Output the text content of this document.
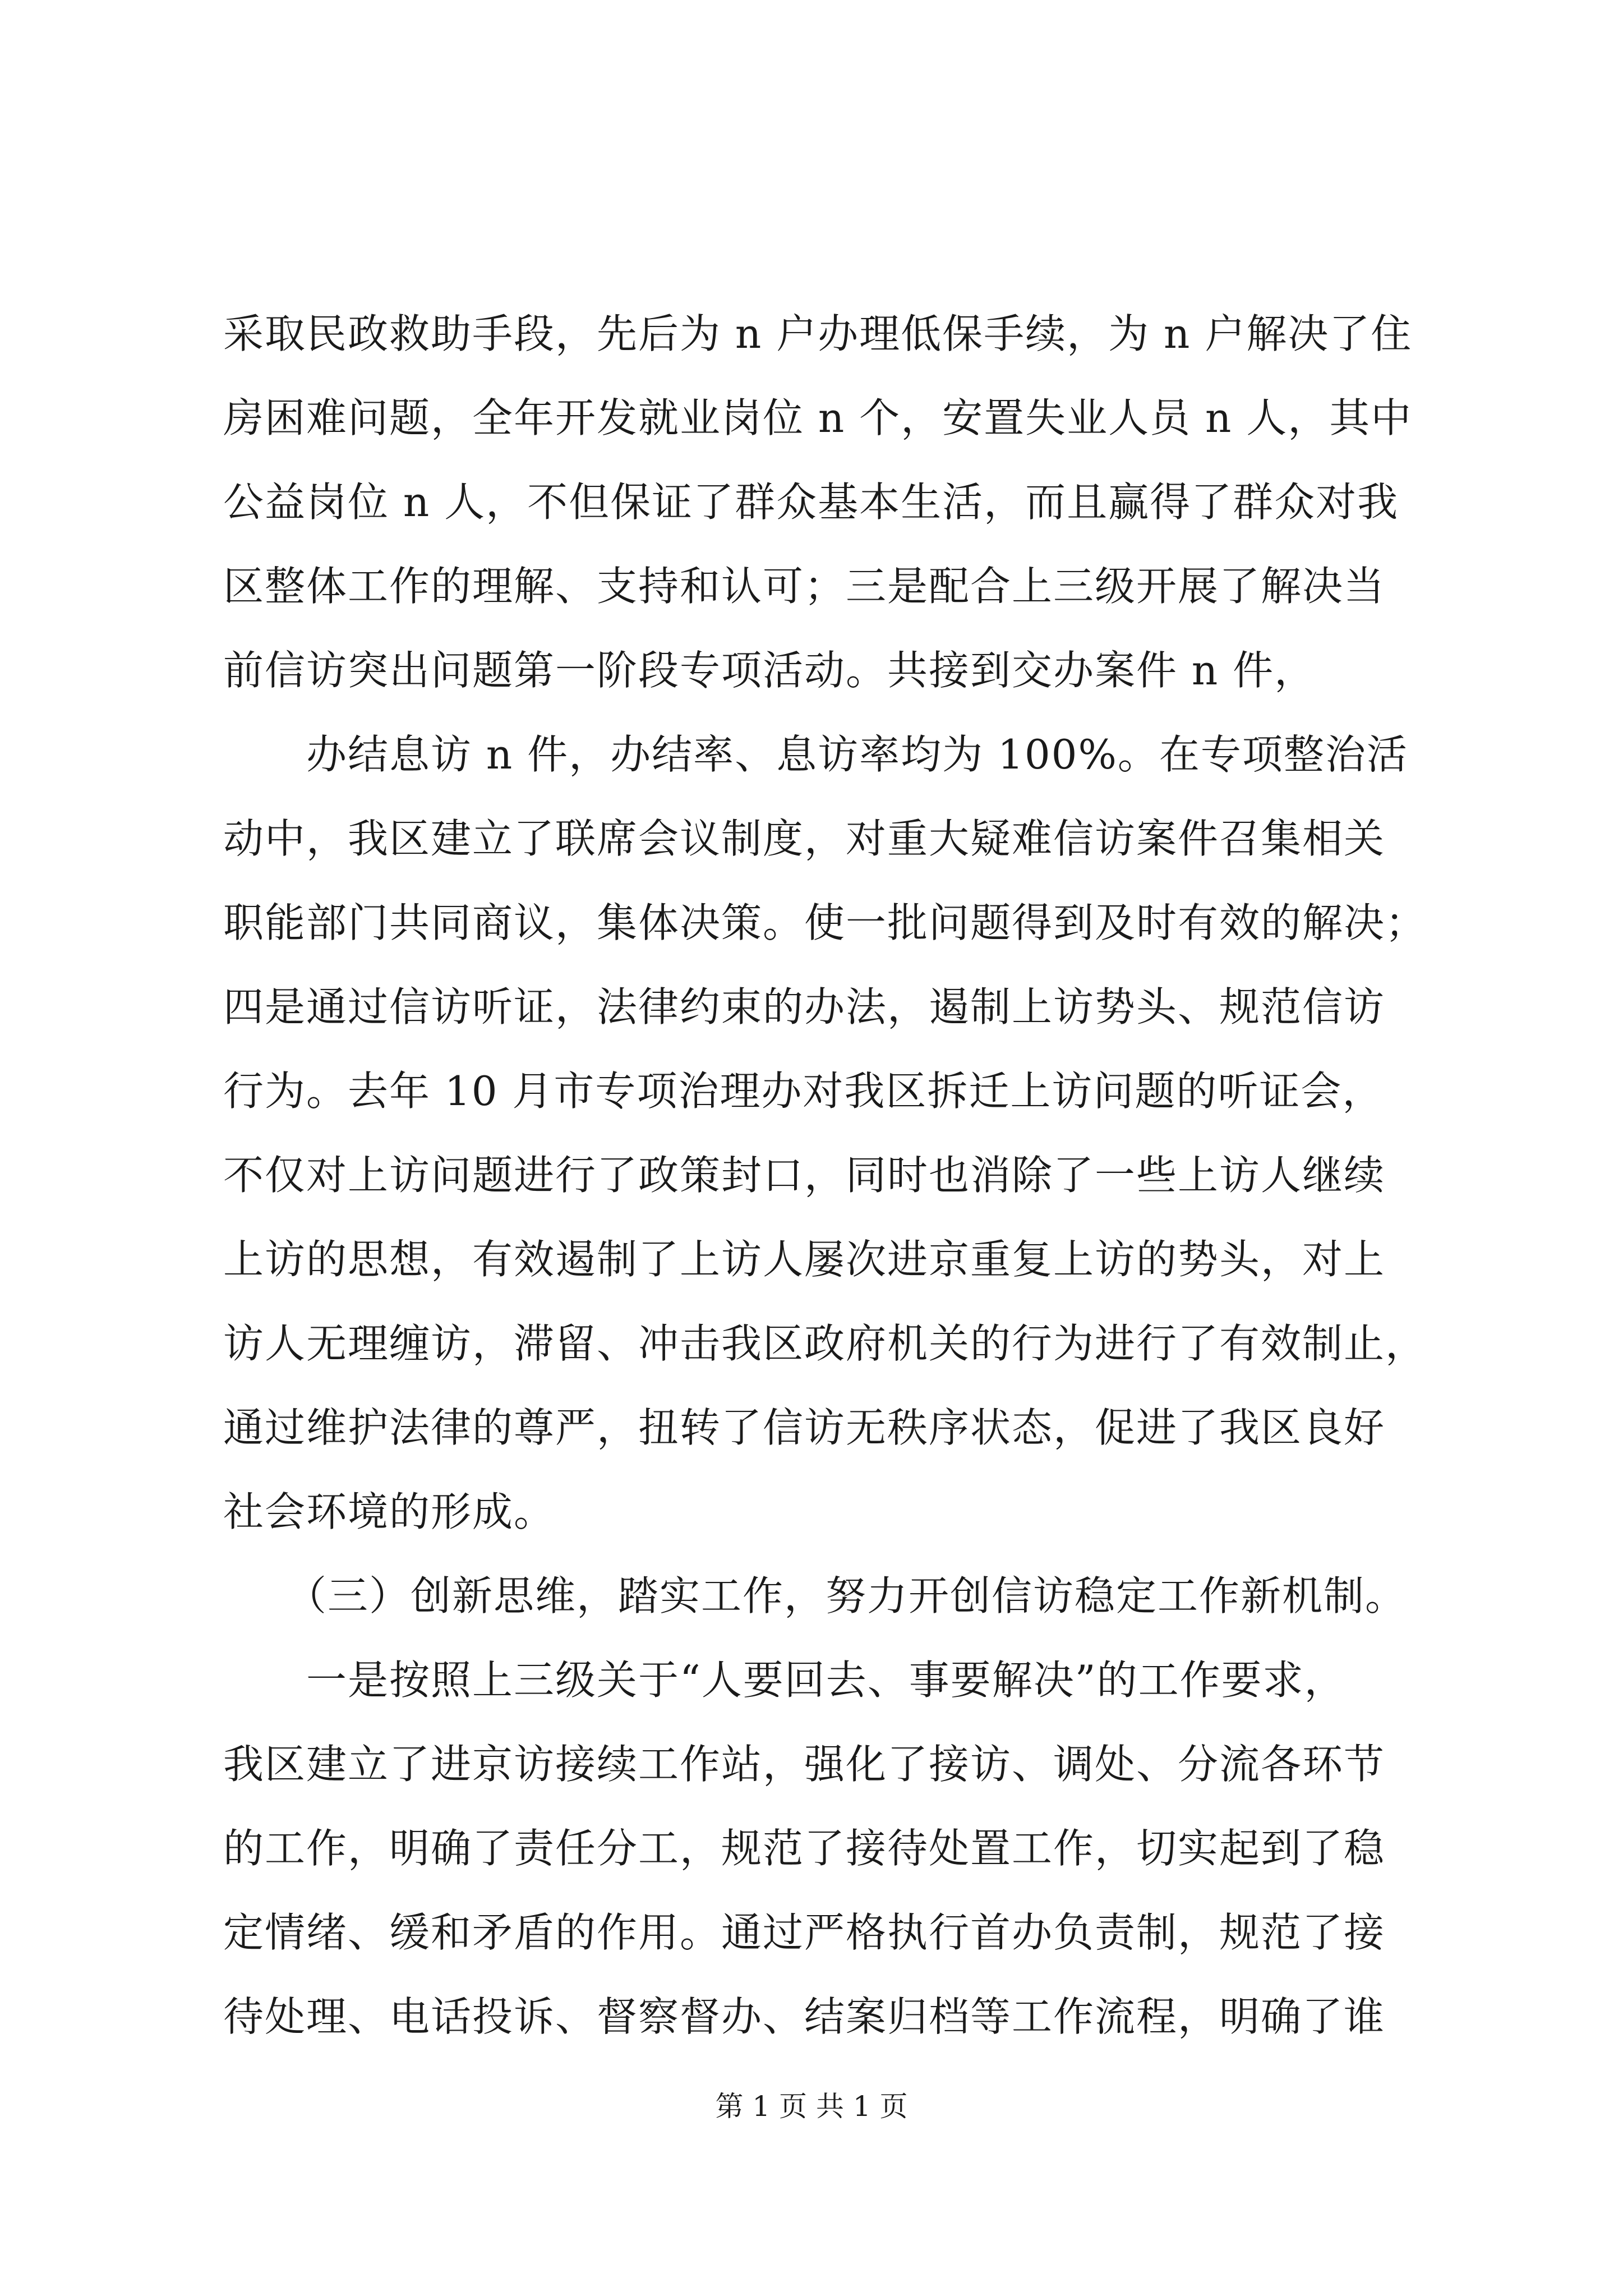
采取民政救助手段，先后为 n 户办理低保手续，为 n 户解决了住
房困难问题，全年开发就业岗位 n 个，安置失业人员 n 人，其中
公益岗位 n 人，不但保证了群众基本生活，而且赢得了群众对我
区整体工作的理解、支持和认可；三是配合上三级开展了解决当
前信访突出问题第一阶段专项活动。共接到交办案件 n 件，
　　办结息访 n 件，办结率、息访率均为 100%。在专项整治活
动中，我区建立了联席会议制度，对重大疑难信访案件召集相关
职能部门共同商议，集体决策。使一批问题得到及时有效的解决；
四是通过信访听证，法律约束的办法，遏制上访势头、规范信访
行为。去年 10 月市专项治理办对我区拆迁上访问题的听证会，
不仅对上访问题进行了政策封口，同时也消除了一些上访人继续
上访的思想，有效遏制了上访人屡次进京重复上访的势头，对上
访人无理缠访，滞留、冲击我区政府机关的行为进行了有效制止，
通过维护法律的尊严，扭转了信访无秩序状态，促进了我区良好
社会环境的形成。
　　（三）创新思维，踏实工作，努力开创信访稳定工作新机制。
　　一是按照上三级关于“人要回去、事要解决”的工作要求，
我区建立了进京访接续工作站，强化了接访、调处、分流各环节
的工作，明确了责任分工，规范了接待处置工作，切实起到了稳
定情绪、缓和矛盾的作用。通过严格执行首办负责制，规范了接
待处理、电话投诉、督察督办、结案归档等工作流程，明确了谁
第 1 页 共 1 页
